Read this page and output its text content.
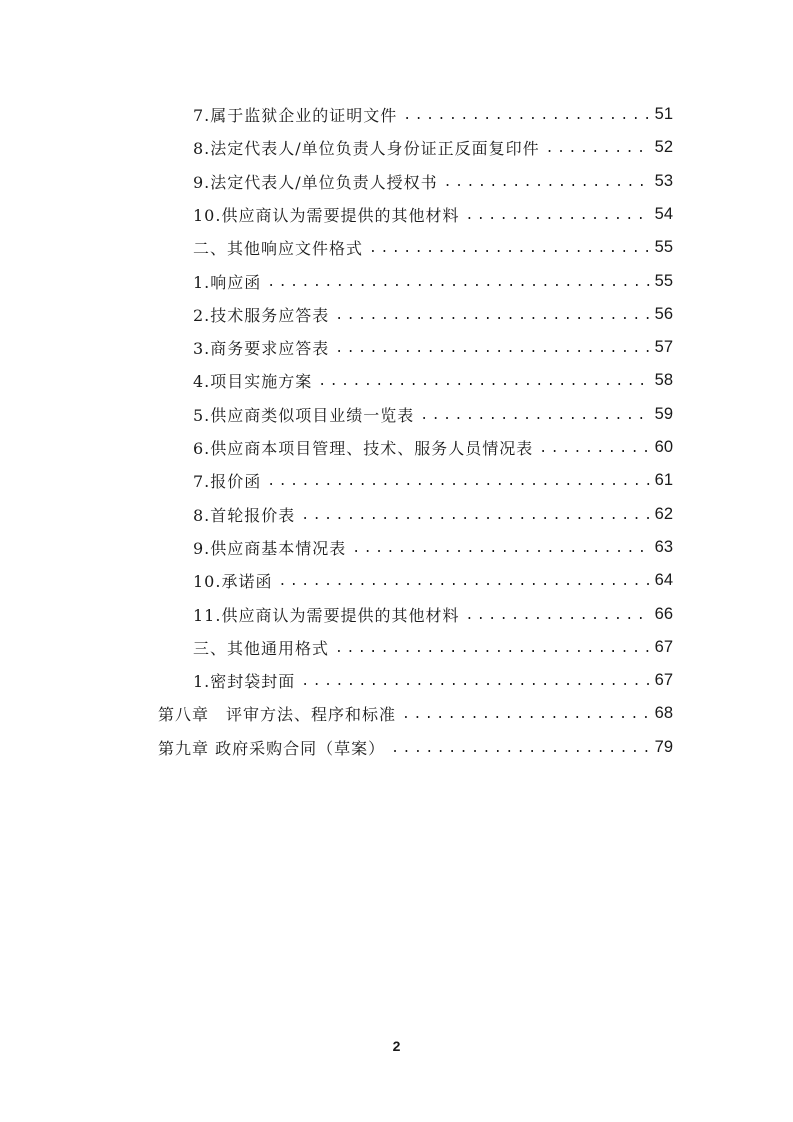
7.属于监狱企业的证明文件 .....	51
8.法定代表人/单位负责人身份证正反面复印件 .....	52
9.法定代表人/单位负责人授权书 .....	53
10.供应商认为需要提供的其他材料 .....	54
二、其他响应文件格式 .....	55
1.响应函 .....	55
2.技术服务应答表 .....	56
3.商务要求应答表 .....	57
4.项目实施方案 .....	58
5.供应商类似项目业绩一览表 .....	59
6.供应商本项目管理、技术、服务人员情况表 .....	60
7.报价函 .....	61
8.首轮报价表 .....	62
9.供应商基本情况表 .....	63
10.承诺函 .....	64
11.供应商认为需要提供的其他材料 .....	66
三、其他通用格式 .....	67
1.密封袋封面 .....	67
第八章　评审方法、程序和标准 .....	68
第九章 政府采购合同（草案） .....	79
2
